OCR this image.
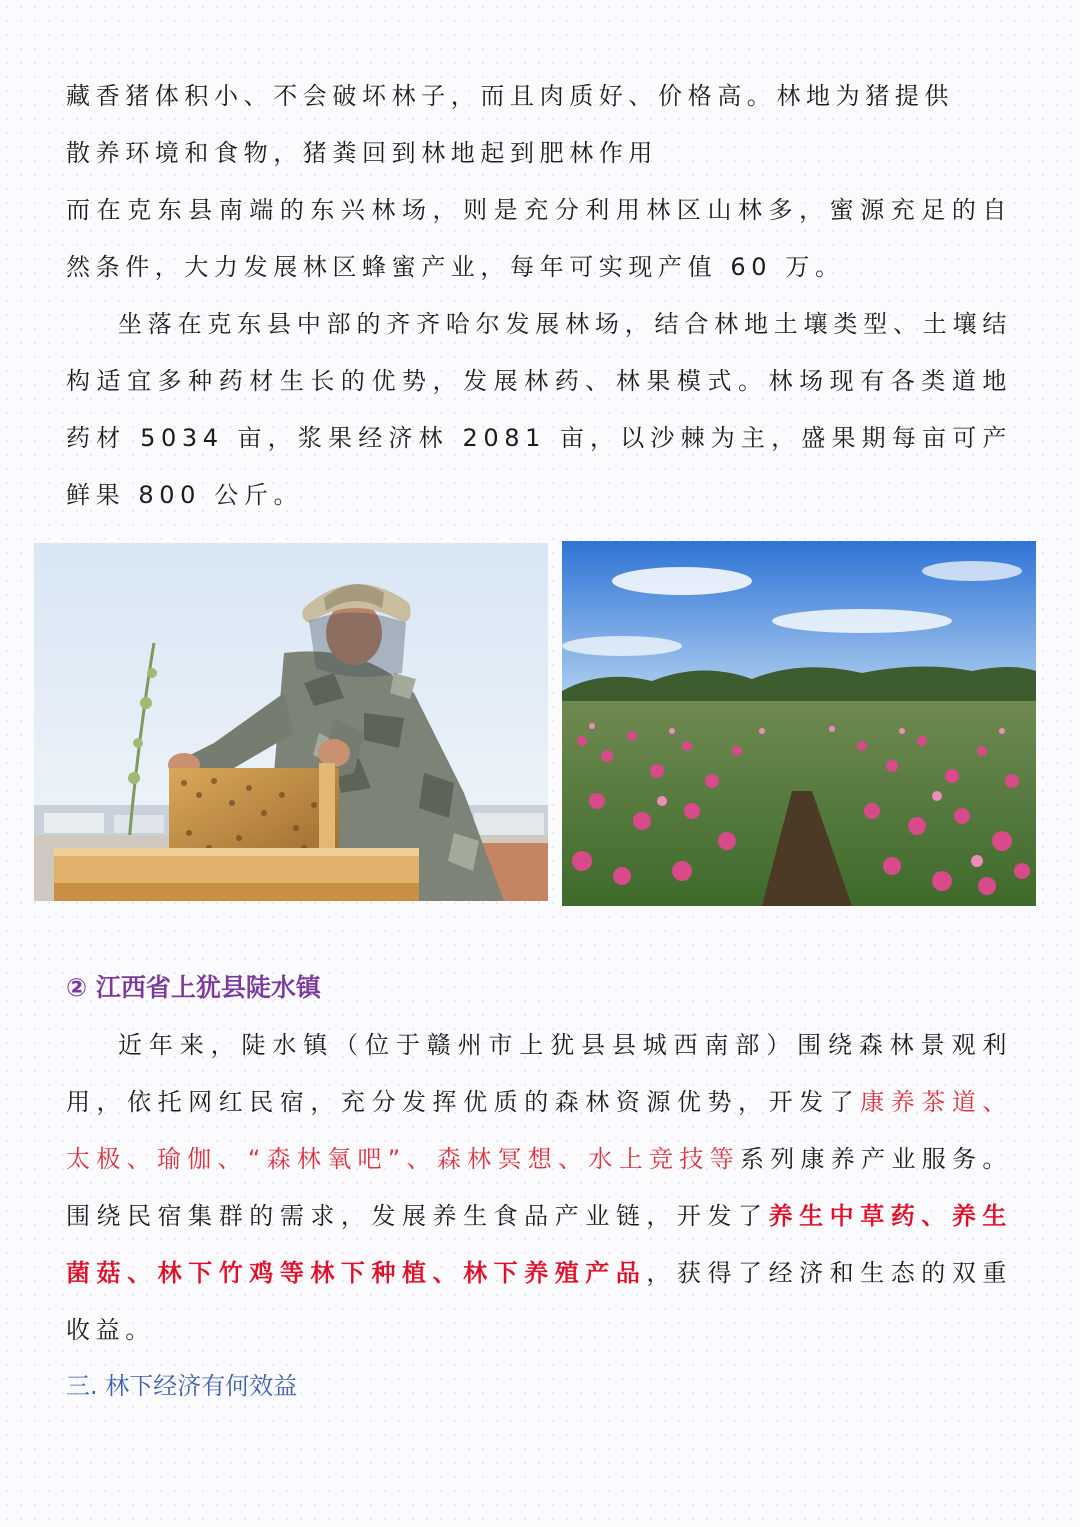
藏香猪体积小、不会破坏林子，而且肉质好、价格高。林地为猪提供
散养环境和食物，猪粪回到林地起到肥林作用

而在克东县南端的东兴林场，则是充分利用林区山林多，蜜源充足的自然条件，大力发展林区蜂蜜产业，每年可实现产值 60 万。

坐落在克东县中部的齐齐哈尔发展林场，结合林地土壤类型、土壤结构适宜多种药材生长的优势，发展林药、林果模式。林场现有各类道地药材 5034 亩，浆果经济林 2081 亩，以沙棘为主，盛果期每亩可产鲜果 800 公斤。

② 江西省上犹县陡水镇

近年来，陡水镇（位于赣州市上犹县县城西南部）围绕森林景观利用，依托网红民宿，充分发挥优质的森林资源优势，开发了康养茶道、太极、瑜伽、“森林氧吧”、森林冥想、水上竞技等系列康养产业服务。围绕民宿集群的需求，发展养生食品产业链，开发了养生中草药、养生菌菇、林下竹鸡等林下种植、林下养殖产品，获得了经济和生态的双重收益。

三. 林下经济有何效益
